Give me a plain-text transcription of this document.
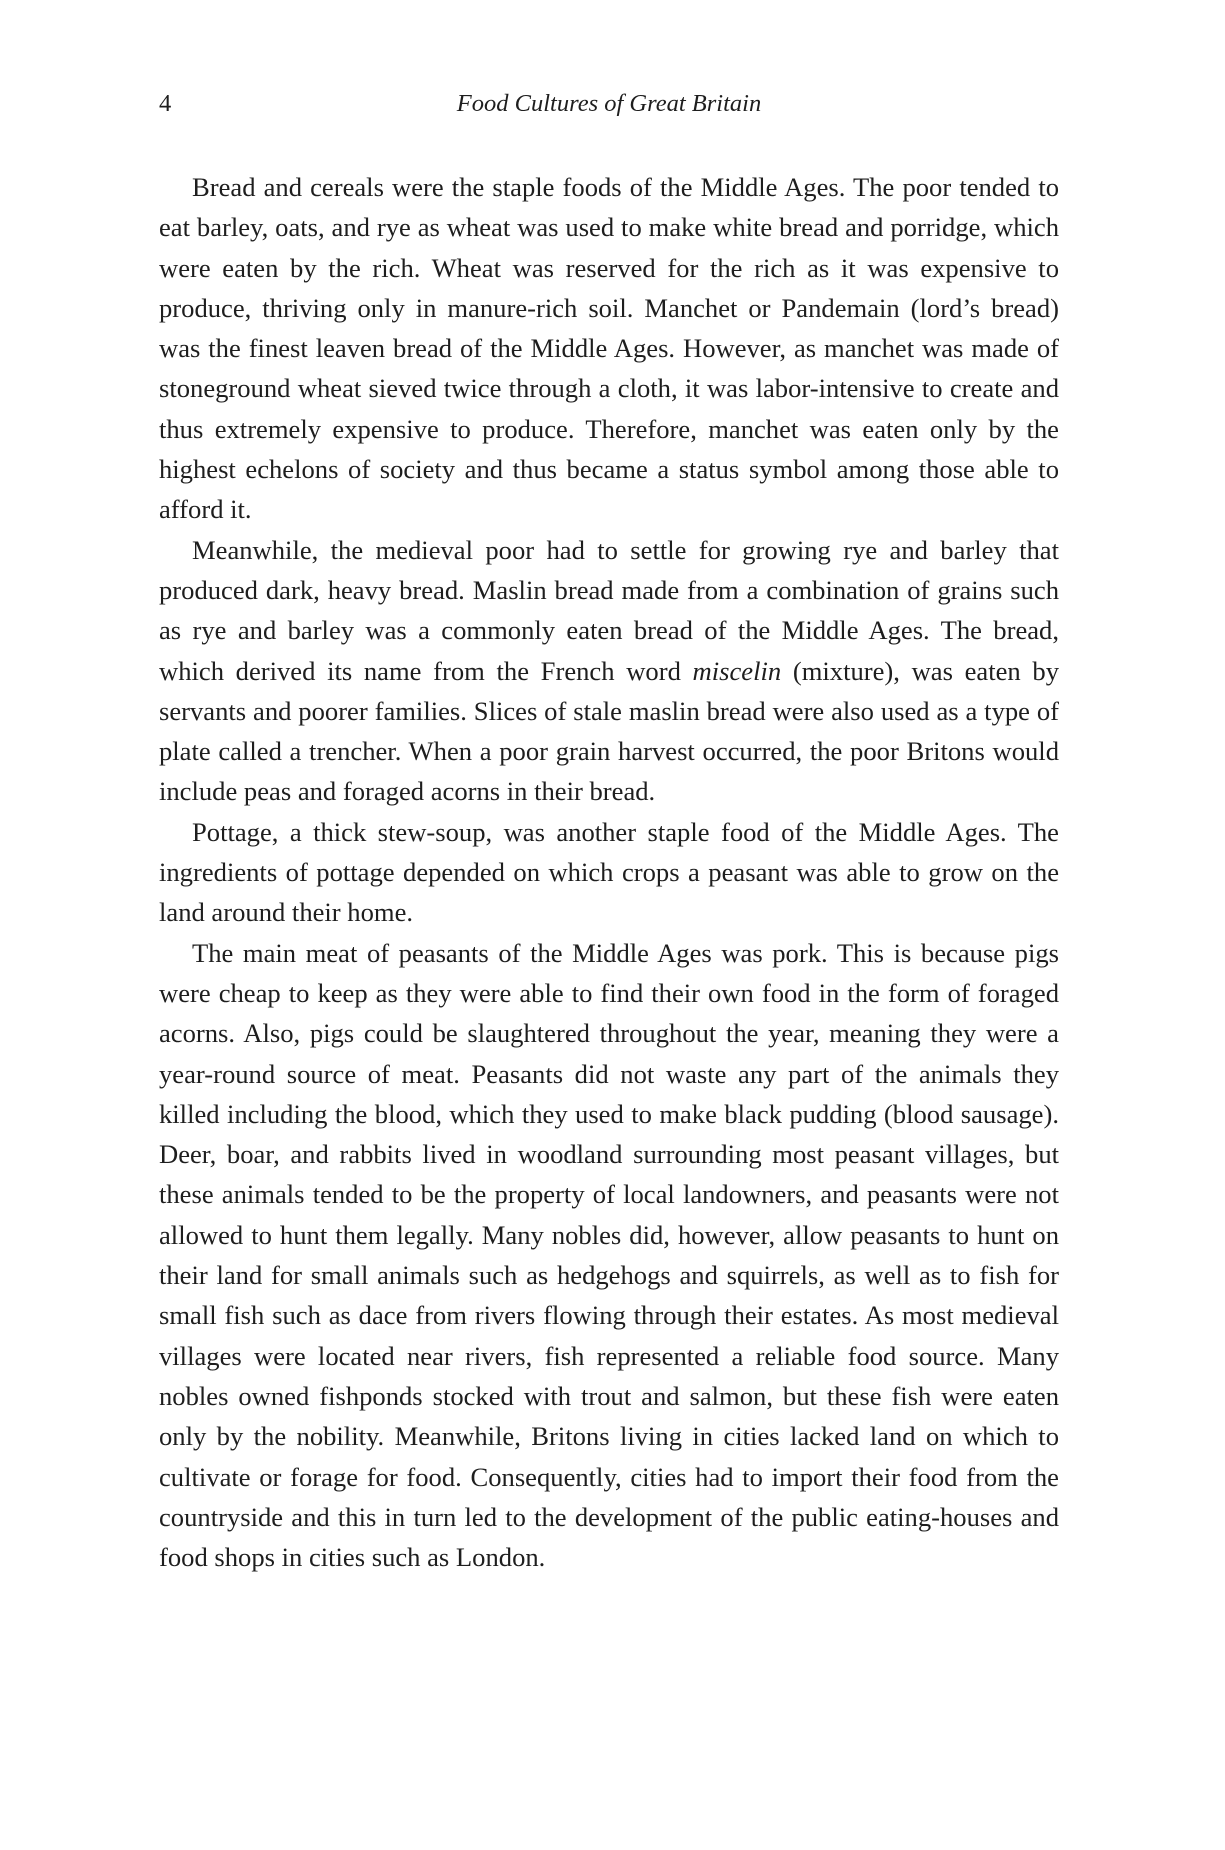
4	Food Cultures of Great Britain

Bread and cereals were the staple foods of the Middle Ages. The poor tended to eat barley, oats, and rye as wheat was used to make white bread and porridge, which were eaten by the rich. Wheat was reserved for the rich as it was expensive to produce, thriving only in manure-rich soil. Manchet or Pandemain (lord’s bread) was the finest leaven bread of the Middle Ages. However, as manchet was made of stoneground wheat sieved twice through a cloth, it was labor-intensive to create and thus extremely expensive to produce. Therefore, manchet was eaten only by the highest echelons of society and thus became a status symbol among those able to afford it.

Meanwhile, the medieval poor had to settle for growing rye and barley that produced dark, heavy bread. Maslin bread made from a combination of grains such as rye and barley was a commonly eaten bread of the Middle Ages. The bread, which derived its name from the French word miscelin (mixture), was eaten by servants and poorer families. Slices of stale maslin bread were also used as a type of plate called a trencher. When a poor grain harvest occurred, the poor Britons would include peas and foraged acorns in their bread.

Pottage, a thick stew-soup, was another staple food of the Middle Ages. The ingredients of pottage depended on which crops a peasant was able to grow on the land around their home.

The main meat of peasants of the Middle Ages was pork. This is because pigs were cheap to keep as they were able to find their own food in the form of foraged acorns. Also, pigs could be slaughtered throughout the year, meaning they were a year-round source of meat. Peasants did not waste any part of the animals they killed including the blood, which they used to make black pudding (blood sausage). Deer, boar, and rabbits lived in woodland surrounding most peasant villages, but these animals tended to be the property of local landowners, and peasants were not allowed to hunt them legally. Many nobles did, however, allow peasants to hunt on their land for small animals such as hedgehogs and squirrels, as well as to fish for small fish such as dace from rivers flowing through their estates. As most medieval villages were located near rivers, fish represented a reliable food source. Many nobles owned fishponds stocked with trout and salmon, but these fish were eaten only by the nobility. Meanwhile, Britons living in cities lacked land on which to cultivate or forage for food. Consequently, cities had to import their food from the countryside and this in turn led to the development of the public eating-houses and food shops in cities such as London.
